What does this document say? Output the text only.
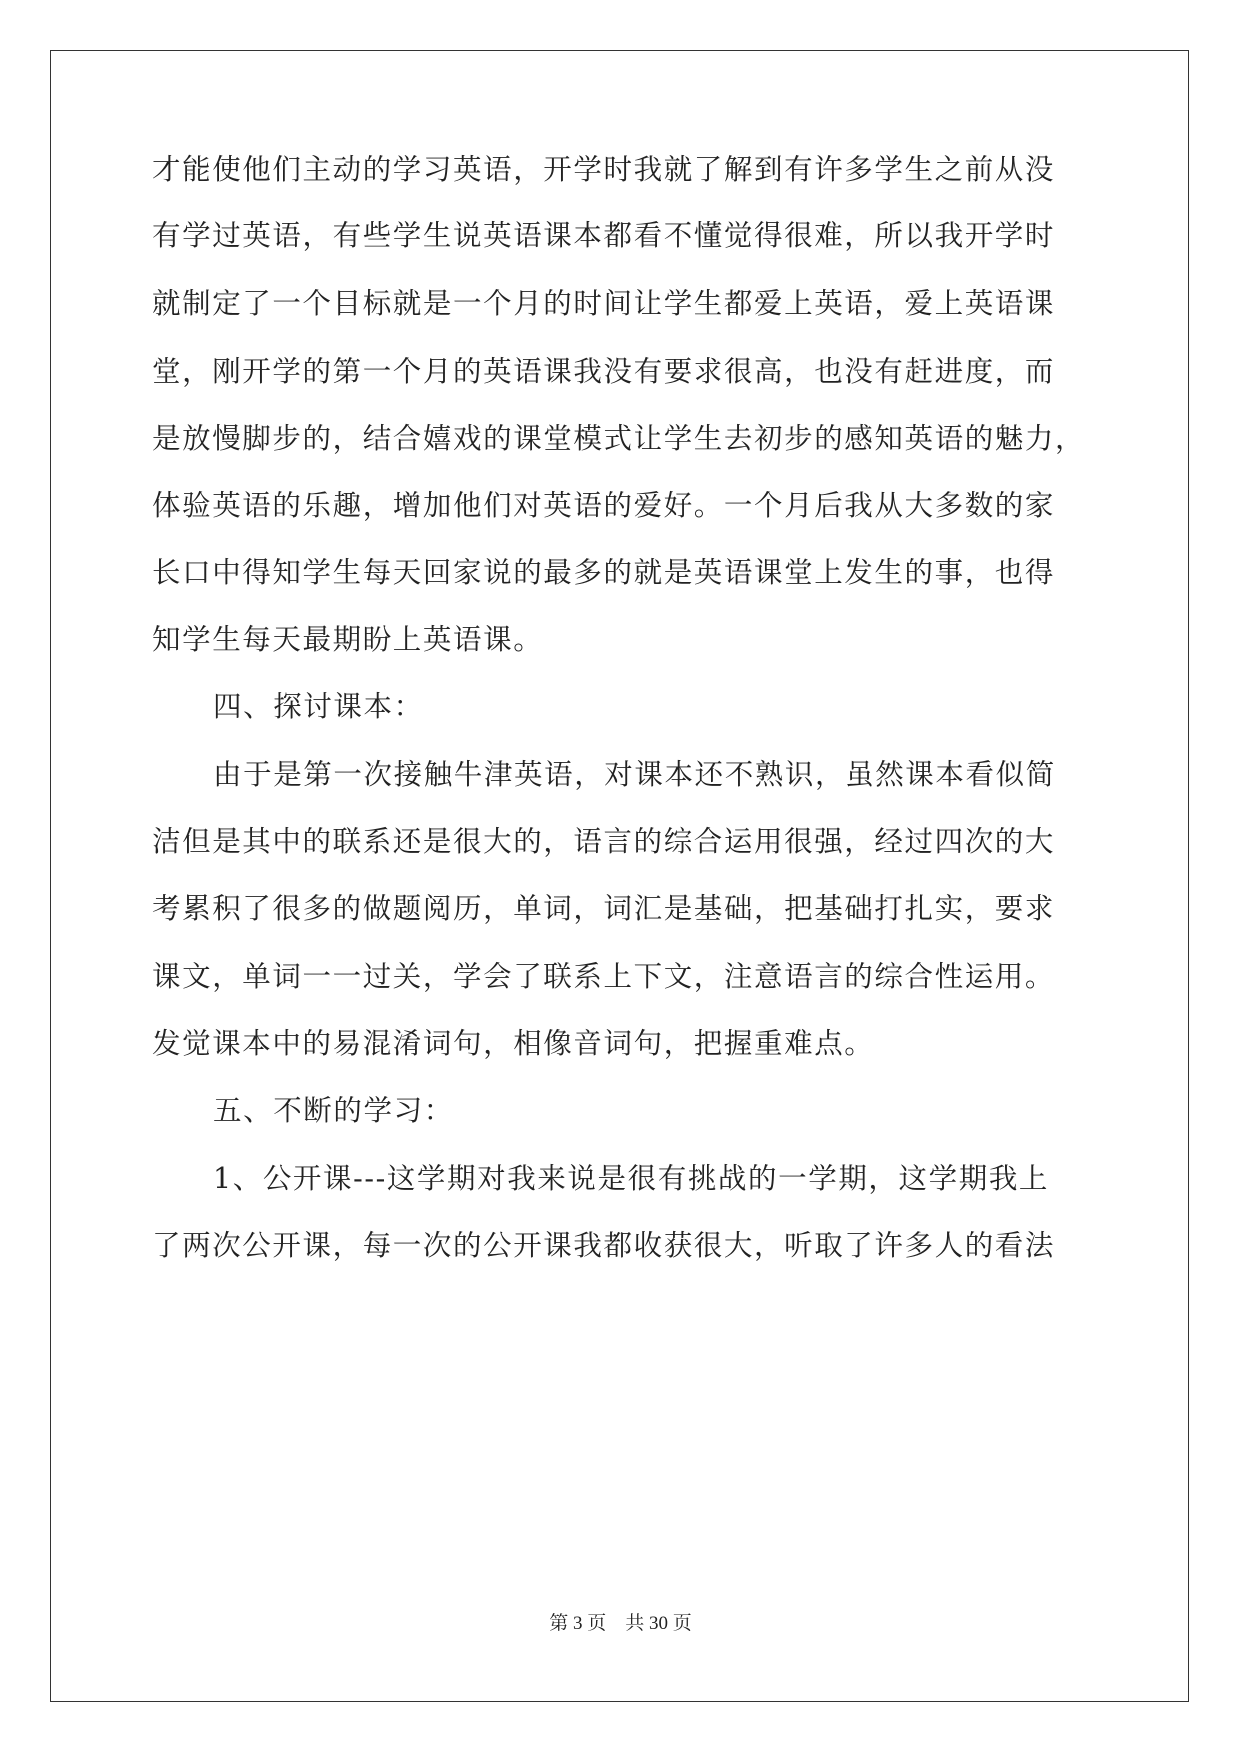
才能使他们主动的学习英语，开学时我就了解到有许多学生之前从没
有学过英语，有些学生说英语课本都看不懂觉得很难，所以我开学时
就制定了一个目标就是一个月的时间让学生都爱上英语，爱上英语课
堂，刚开学的第一个月的英语课我没有要求很高，也没有赶进度，而
是放慢脚步的，结合嬉戏的课堂模式让学生去初步的感知英语的魅力，
体验英语的乐趣，增加他们对英语的爱好。一个月后我从大多数的家
长口中得知学生每天回家说的最多的就是英语课堂上发生的事，也得
知学生每天最期盼上英语课。
四、探讨课本：
由于是第一次接触牛津英语，对课本还不熟识，虽然课本看似简
洁但是其中的联系还是很大的，语言的综合运用很强，经过四次的大
考累积了很多的做题阅历，单词，词汇是基础，把基础打扎实，要求
课文，单词一一过关，学会了联系上下文，注意语言的综合性运用。
发觉课本中的易混淆词句，相像音词句，把握重难点。
五、不断的学习：
1、公开课---这学期对我来说是很有挑战的一学期，这学期我上
了两次公开课，每一次的公开课我都收获很大，听取了许多人的看法
第 3 页    共 30 页
